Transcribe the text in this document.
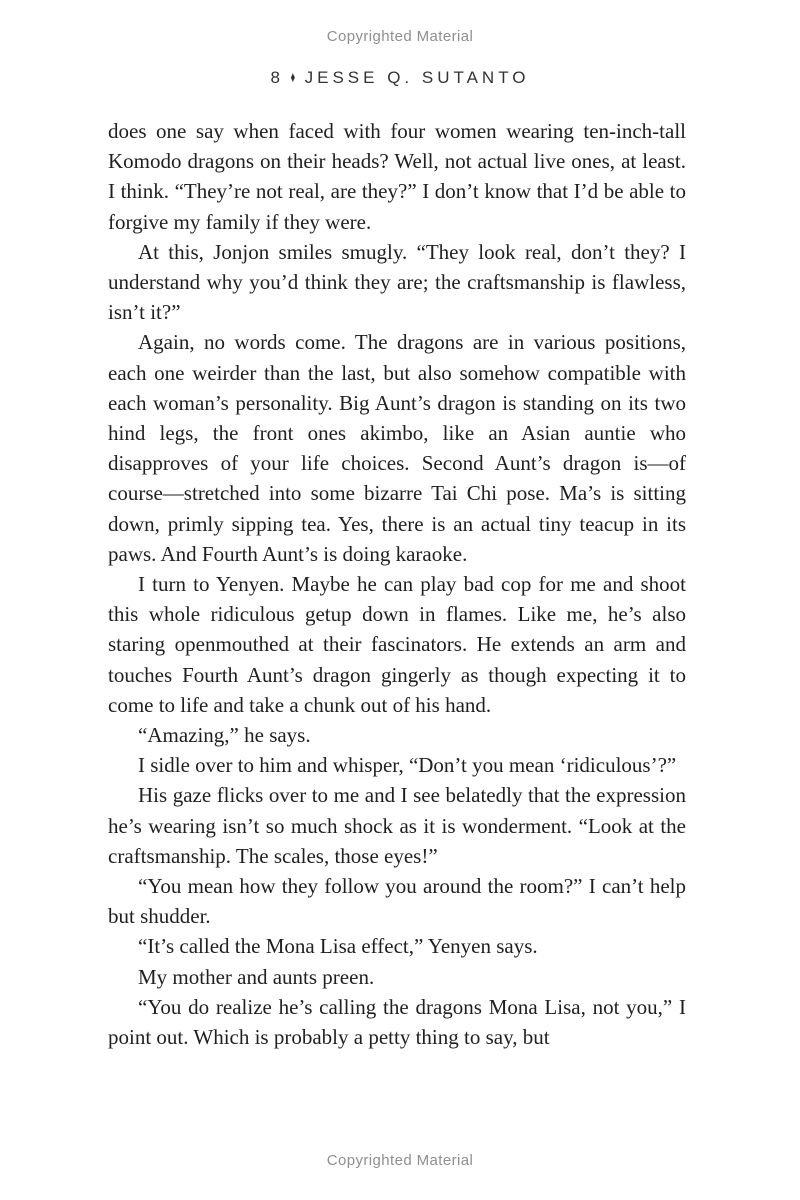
Copyrighted Material
8 ♦ JESSE Q. SUTANTO

does one say when faced with four women wearing ten-inch-tall Komodo dragons on their heads? Well, not actual live ones, at least. I think. “They’re not real, are they?” I don’t know that I’d be able to forgive my family if they were.

At this, Jonjon smiles smugly. “They look real, don’t they? I understand why you’d think they are; the craftsmanship is flawless, isn’t it?”

Again, no words come. The dragons are in various positions, each one weirder than the last, but also somehow compatible with each woman’s personality. Big Aunt’s dragon is standing on its two hind legs, the front ones akimbo, like an Asian auntie who disapproves of your life choices. Second Aunt’s dragon is—of course—stretched into some bizarre Tai Chi pose. Ma’s is sitting down, primly sipping tea. Yes, there is an actual tiny teacup in its paws. And Fourth Aunt’s is doing karaoke.

I turn to Yenyen. Maybe he can play bad cop for me and shoot this whole ridiculous getup down in flames. Like me, he’s also staring openmouthed at their fascinators. He extends an arm and touches Fourth Aunt’s dragon gingerly as though expecting it to come to life and take a chunk out of his hand.

“Amazing,” he says.

I sidle over to him and whisper, “Don’t you mean ‘ridiculous’?”

His gaze flicks over to me and I see belatedly that the expression he’s wearing isn’t so much shock as it is wonderment. “Look at the craftsmanship. The scales, those eyes!”

“You mean how they follow you around the room?” I can’t help but shudder.

“It’s called the Mona Lisa effect,” Yenyen says.

My mother and aunts preen.

“You do realize he’s calling the dragons Mona Lisa, not you,” I point out. Which is probably a petty thing to say, but

Copyrighted Material
